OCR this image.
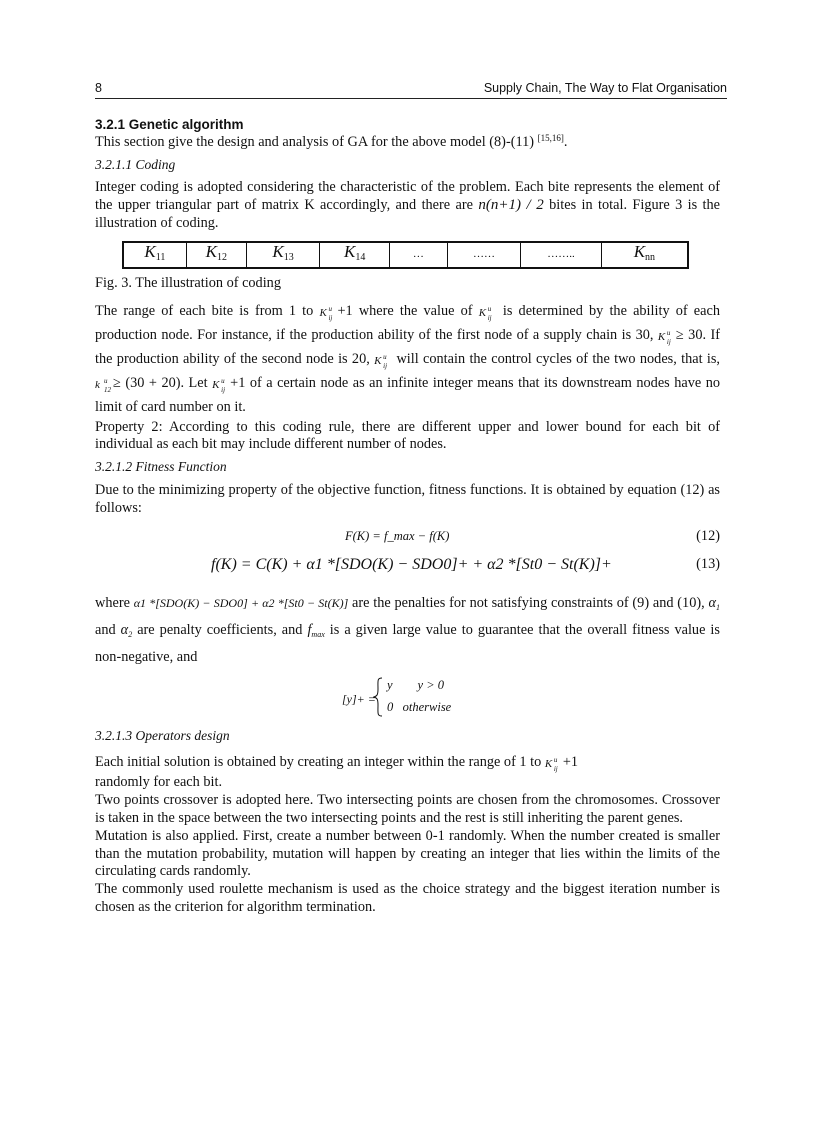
8	Supply Chain, The Way to Flat Organisation
3.2.1 Genetic algorithm

This section give the design and analysis of GA for the above model (8)-(11) [15,16].

3.2.1.1 Coding

Integer coding is adopted considering the characteristic of the problem. Each bite represents the element of the upper triangular part of matrix K accordingly, and there are n(n+1) / 2 bites in total. Figure 3 is the illustration of coding.

$K_{11}$	$K_{12}$	$K_{13}$	$K_{14}$	…	……	……..	$K_{nn}$

Fig. 3. The illustration of coding

The range of each bite is from 1 to K u
ij +1 where the value of K u
ij is determined by the ability of each production node. For instance, if the production ability of the first node of a supply chain is 30, K u
ij ≥ 30. If the production ability of the second node is 20, K u
ij will contain the control cycles of the two nodes, that is,
k u
12 ≥ (30 + 20). Let K u
ij +1 of a certain node as an infinite integer means that its downstream nodes have no limit of card number on it.

Property 2: According to this coding rule, there are different upper and lower bound for each bit of individual as each bit may include different number of nodes.

3.2.1.2 Fitness Function

Due to the minimizing property of the objective function, fitness functions. It is obtained by equation (12) as follows:

F(K) = f_max − f(K)	(12)
f(K) = C(K) + α1 *[SDO(K) − SDO0]+ + α2 *[St0 − St(K)]+	(13)

where α1 *[SDO(K) − SDO0] + α2 *[St0 − St(K)] are the penalties for not satisfying constraints of (9) and (10), $\alpha_1$ and $\alpha_2$ are penalty coefficients, and $f_{max}$ is a given large value to guarantee that the overall fitness value is non-negative, and

[y]+ =
y        y > 0
0   otherwise
3.2.1.3 Operators design

Each initial solution is obtained by creating an integer within the range of 1 to K u
ij +1

randomly for each bit.

Two points crossover is adopted here. Two intersecting points are chosen from the chromosomes. Crossover is taken in the space between the two intersecting points and the rest is still inheriting the parent genes.

Mutation is also applied. First, create a number between 0-1 randomly. When the number created is smaller than the mutation probability, mutation will happen by creating an integer that lies within the limits of the circulating cards randomly.

The commonly used roulette mechanism is used as the choice strategy and the biggest iteration number is chosen as the criterion for algorithm termination.
